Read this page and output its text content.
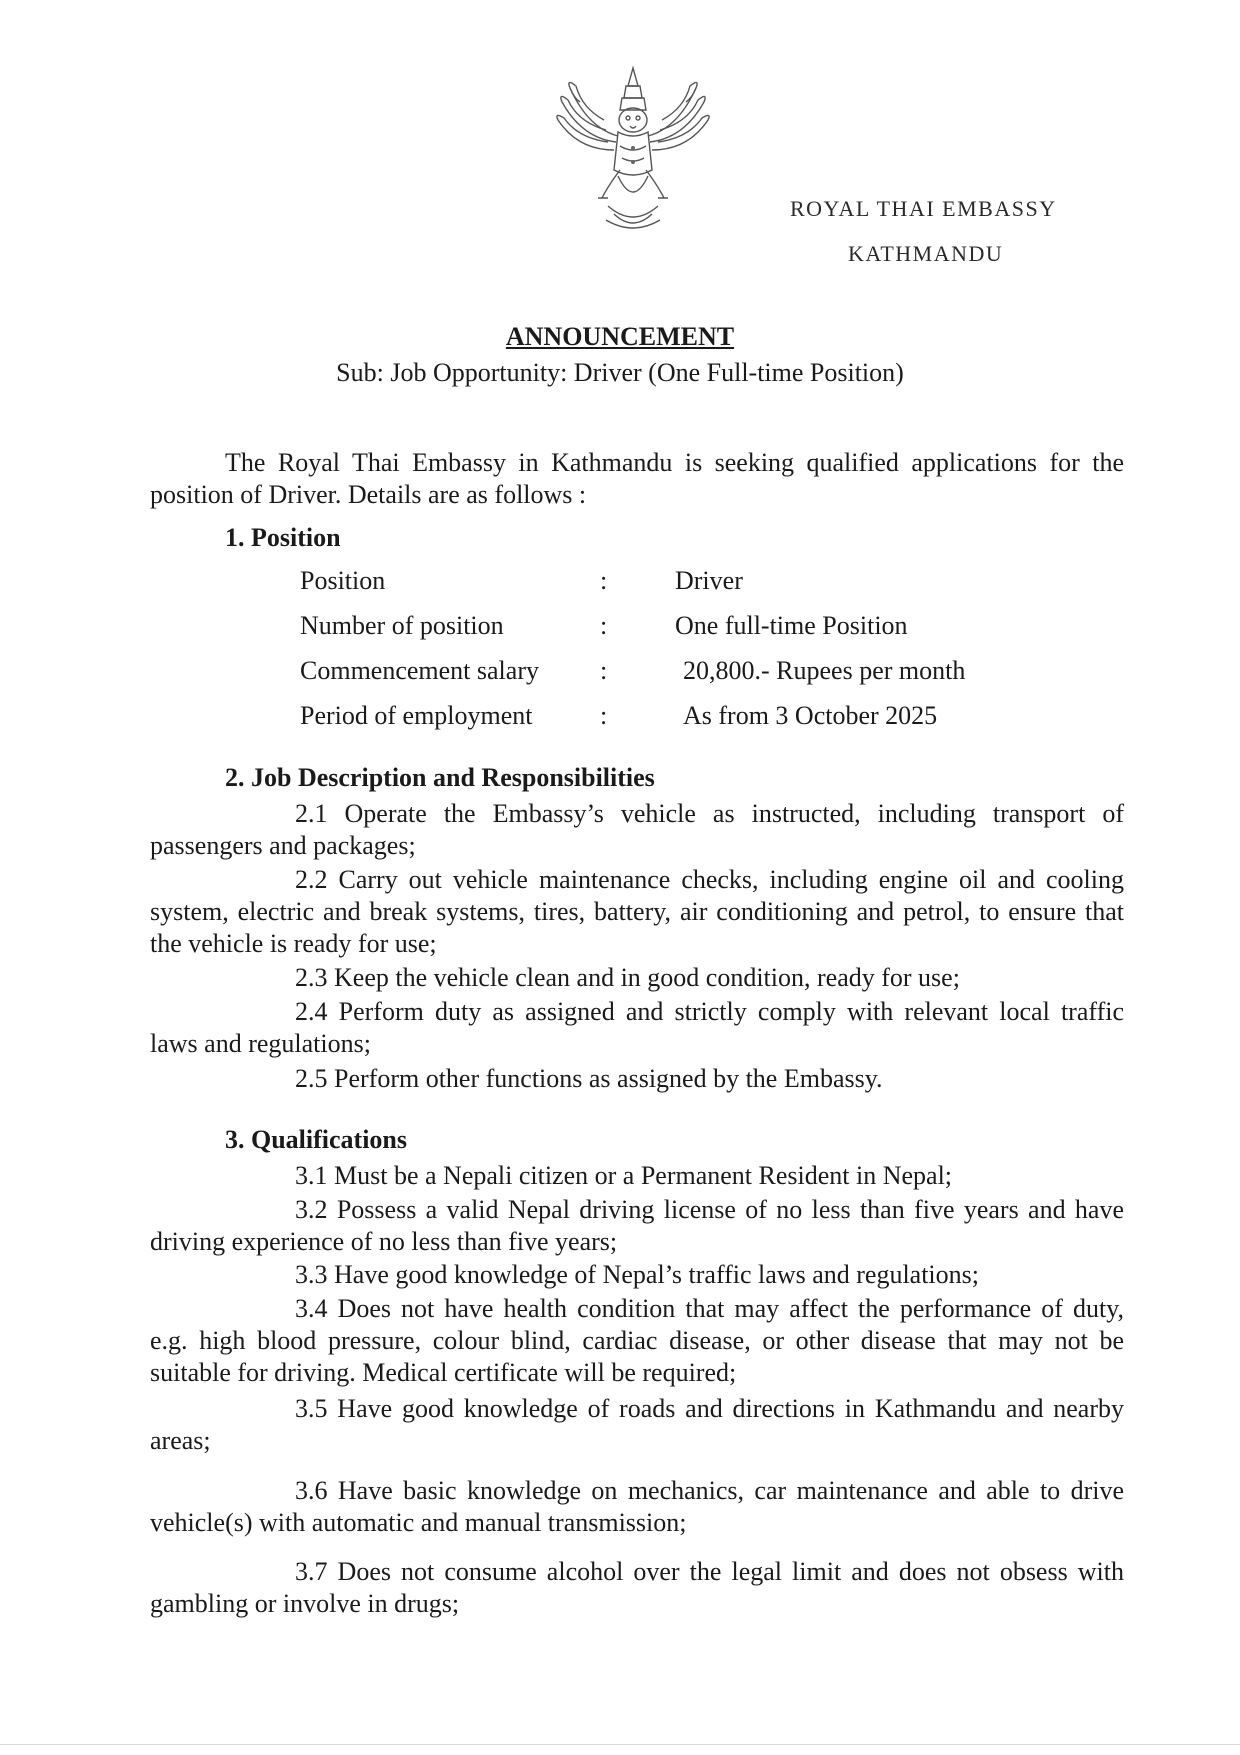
ROYAL THAI EMBASSY
KATHMANDU
ANNOUNCEMENT
Sub: Job Opportunity: Driver (One Full-time Position)

The Royal Thai Embassy in Kathmandu is seeking qualified applications for the position of Driver. Details are as follows :

1. Position

Position	:	Driver
Number of position	:	One full-time Position
Commencement salary :	20,800.- Rupees per month
Period of employment	:	As from 3 October 2025

2. Job Description and Responsibilities

2.1 Operate the Embassy’s vehicle as instructed, including transport of passengers and packages;

2.2 Carry out vehicle maintenance checks, including engine oil and cooling system, electric and break systems, tires, battery, air conditioning and petrol, to ensure that the vehicle is ready for use;

2.3 Keep the vehicle clean and in good condition, ready for use;

2.4 Perform duty as assigned and strictly comply with relevant local traffic laws and regulations;

2.5 Perform other functions as assigned by the Embassy.

3. Qualifications

3.1 Must be a Nepali citizen or a Permanent Resident in Nepal;

3.2 Possess a valid Nepal driving license of no less than five years and have driving experience of no less than five years;

3.3 Have good knowledge of Nepal’s traffic laws and regulations;

3.4 Does not have health condition that may affect the performance of duty, e.g. high blood pressure, colour blind, cardiac disease, or other disease that may not be suitable for driving. Medical certificate will be required;

3.5 Have good knowledge of roads and directions in Kathmandu and nearby areas;

3.6 Have basic knowledge on mechanics, car maintenance and able to drive vehicle(s) with automatic and manual transmission;

3.7 Does not consume alcohol over the legal limit and does not obsess with gambling or involve in drugs;
